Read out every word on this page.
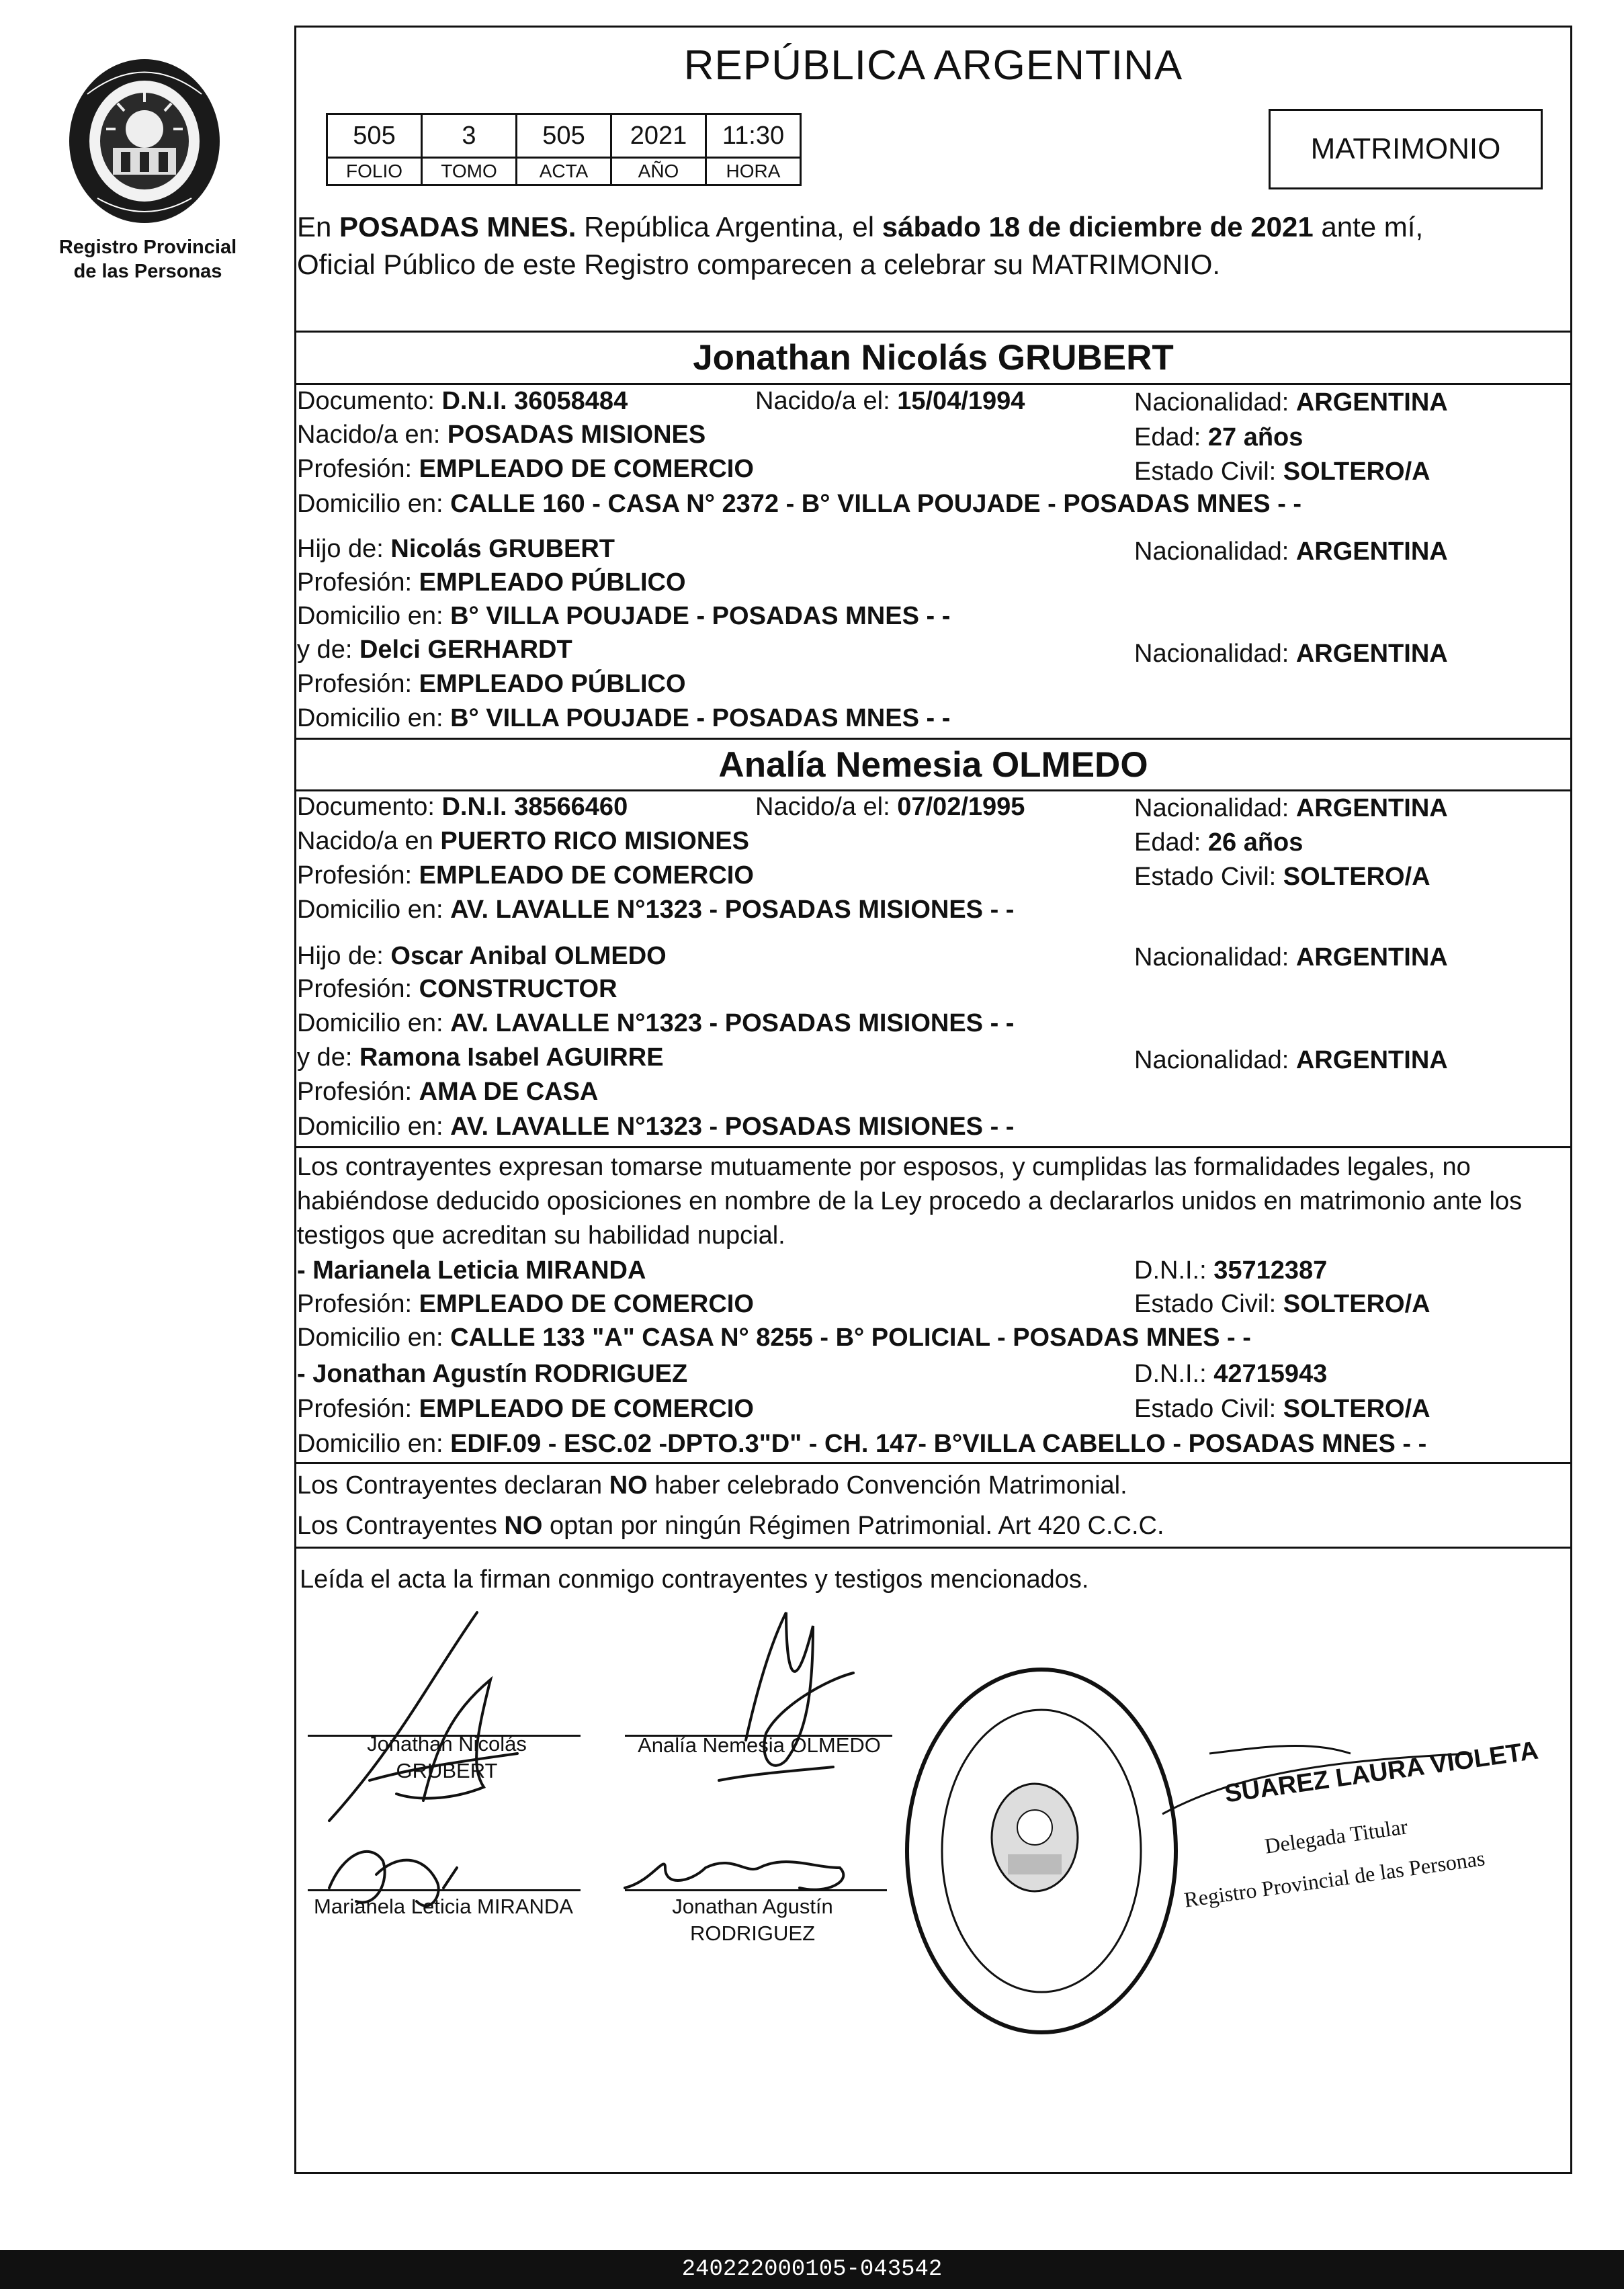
Registro Provincial
de las Personas
REPÚBLICA ARGENTINA
505	3	505	2021	11:30
FOLIO	TOMO	ACTA	AÑO	HORA
MATRIMONIO
En POSADAS MNES. República Argentina, el sábado 18 de diciembre de 2021 ante mí,
Oficial Público de este Registro comparecen a celebrar su MATRIMONIO.
Jonathan Nicolás GRUBERT
Documento: D.N.I. 36058484	Nacido/a el: 15/04/1994	Nacionalidad: ARGENTINA
Nacido/a en: POSADAS MISIONES	Edad: 27 años
Profesión: EMPLEADO DE COMERCIO	Estado Civil: SOLTERO/A
Domicilio en: CALLE 160 - CASA N° 2372 - B° VILLA POUJADE - POSADAS MNES - -
Hijo de: Nicolás GRUBERT	Nacionalidad: ARGENTINA
Profesión: EMPLEADO PÚBLICO
Domicilio en: B° VILLA POUJADE - POSADAS MNES - -
y de: Delci GERHARDT	Nacionalidad: ARGENTINA
Profesión: EMPLEADO PÚBLICO
Domicilio en: B° VILLA POUJADE - POSADAS MNES - -
Analía Nemesia OLMEDO
Documento: D.N.I. 38566460	Nacido/a el: 07/02/1995	Nacionalidad: ARGENTINA
Nacido/a en PUERTO RICO MISIONES	Edad: 26 años
Profesión: EMPLEADO DE COMERCIO	Estado Civil: SOLTERO/A
Domicilio en: AV. LAVALLE N°1323 - POSADAS MISIONES - -
Hijo de: Oscar Anibal OLMEDO	Nacionalidad: ARGENTINA
Profesión: CONSTRUCTOR
Domicilio en: AV. LAVALLE N°1323 - POSADAS MISIONES - -
y de: Ramona Isabel AGUIRRE	Nacionalidad: ARGENTINA
Profesión: AMA DE CASA
Domicilio en: AV. LAVALLE N°1323 - POSADAS MISIONES - -
Los contrayentes expresan tomarse mutuamente por esposos, y cumplidas las formalidades legales, no habiéndose deducido oposiciones en nombre de la Ley procedo a declararlos unidos en matrimonio ante los testigos que acreditan su habilidad nupcial.
- Marianela Leticia MIRANDA	D.N.I.: 35712387
Profesión: EMPLEADO DE COMERCIO	Estado Civil: SOLTERO/A
Domicilio en: CALLE 133 "A" CASA N° 8255 - B° POLICIAL - POSADAS MNES - -
- Jonathan Agustín RODRIGUEZ	D.N.I.: 42715943
Profesión: EMPLEADO DE COMERCIO	Estado Civil: SOLTERO/A
Domicilio en: EDIF.09 - ESC.02 -DPTO.3"D" - CH. 147- B°VILLA CABELLO - POSADAS MNES - -
Los Contrayentes declaran NO haber celebrado Convención Matrimonial.
Los Contrayentes NO optan por ningún Régimen Patrimonial. Art 420 C.C.C.
Leída el acta la firman conmigo contrayentes y testigos mencionados.
Jonathan Nicolás
GRUBERT
Analía Nemesia OLMEDO
Marianela Leticia MIRANDA	Jonathan Agustín
RODRIGUEZ
SUAREZ LAURA VIOLETA
Delegada Titular
Registro Provincial de las Personas
240222000105-043542
